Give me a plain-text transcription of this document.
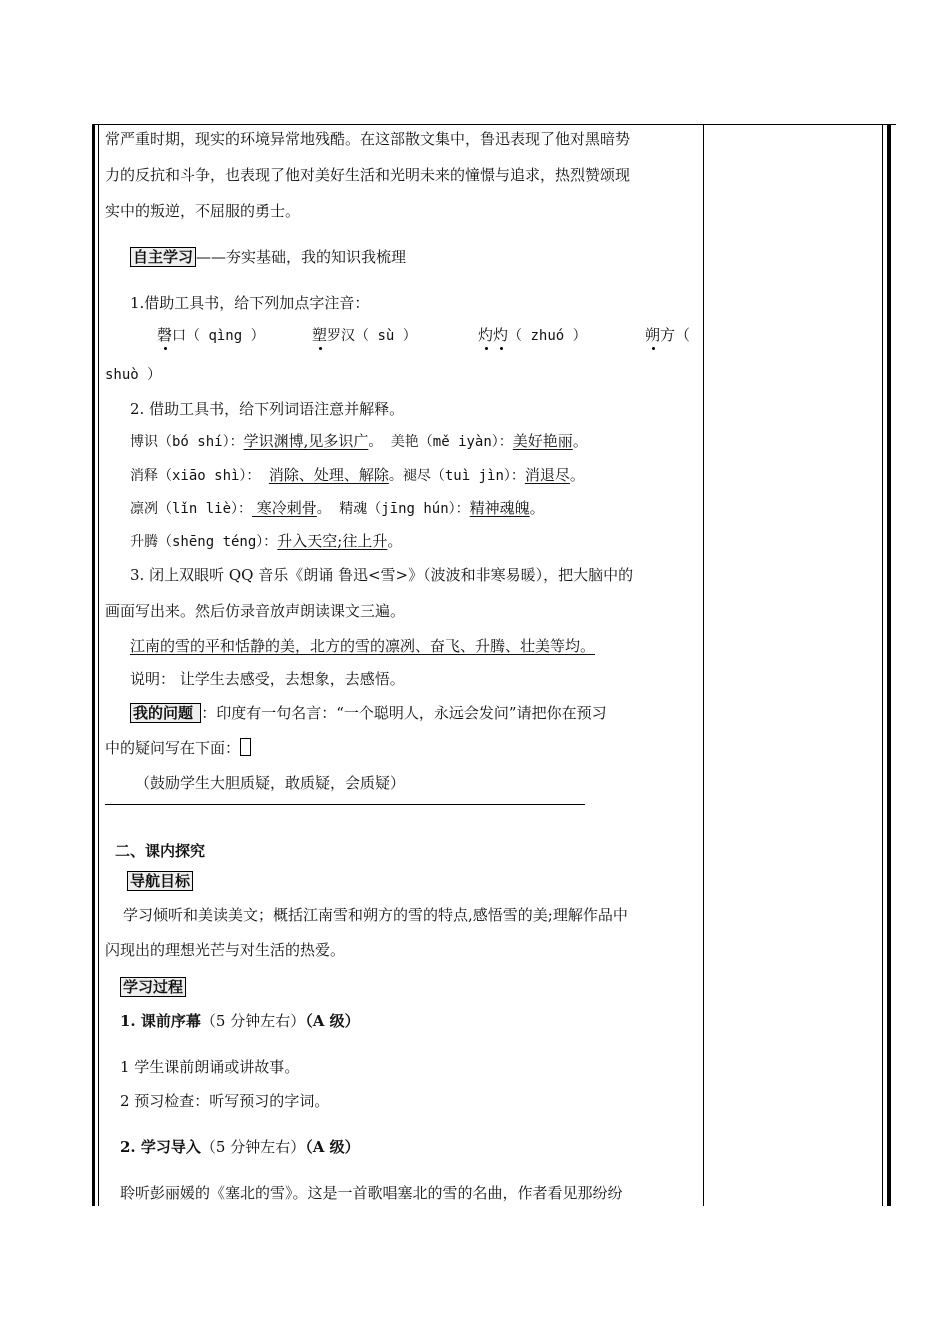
常严重时期，现实的环境异常地残酷。在这部散文集中，鲁迅表现了他对黑暗势
力的反抗和斗争，也表现了他对美好生活和光明未来的憧憬与追求，热烈赞颂现
实中的叛逆，不屈服的勇士。
自主学习 ——夯实基础，我的知识我梳理
1.借助工具书，给下列加点字注音：
磬口（ qìng ）	塑罗汉（ sù ）	灼灼（ zhuó ）	朔方（
shuò ）
2. 借助工具书，给下列词语注意并解释。
博识（bó shí）：学识渊博,见多识广。 美艳（mě iyàn）：美好艳丽。
消释（xiāo shì）： 消除、处理、解除。褪尽（tuì jìn）：消退尽。
凛冽（lǐn liè）： 寒冷刺骨。 精魂（jīng hún）：精神魂魄。
升腾（shēng téng）：升入天空;往上升。
3. 闭上双眼听 QQ 音乐《朗诵 鲁迅<雪>》（波波和非寒易暖），把大脑中的
画面写出来。然后仿录音放声朗读课文三遍。
江南的雪的平和恬静的美，北方的雪的凛冽、奋飞、升腾、壮美等均。
说明： 让学生去感受，去想象，去感悟。
我的问题 ：印度有一句名言：“一个聪明人，永远会发问”请把你在预习
中的疑问写在下面：
（鼓励学生大胆质疑，敢质疑，会质疑）
二、课内探究
导航目标
学习倾听和美读美文；概括江南雪和朔方的雪的特点,感悟雪的美;理解作品中
闪现出的理想光芒与对生活的热爱。
学习过程
1. 课前序幕（5 分钟左右）（A 级）
1 学生课前朗诵或讲故事。
2 预习检查：听写预习的字词。
2. 学习导入（5 分钟左右）（A 级）
聆听彭丽媛的《塞北的雪》。这是一首歌唱塞北的雪的名曲，作者看见那纷纷
